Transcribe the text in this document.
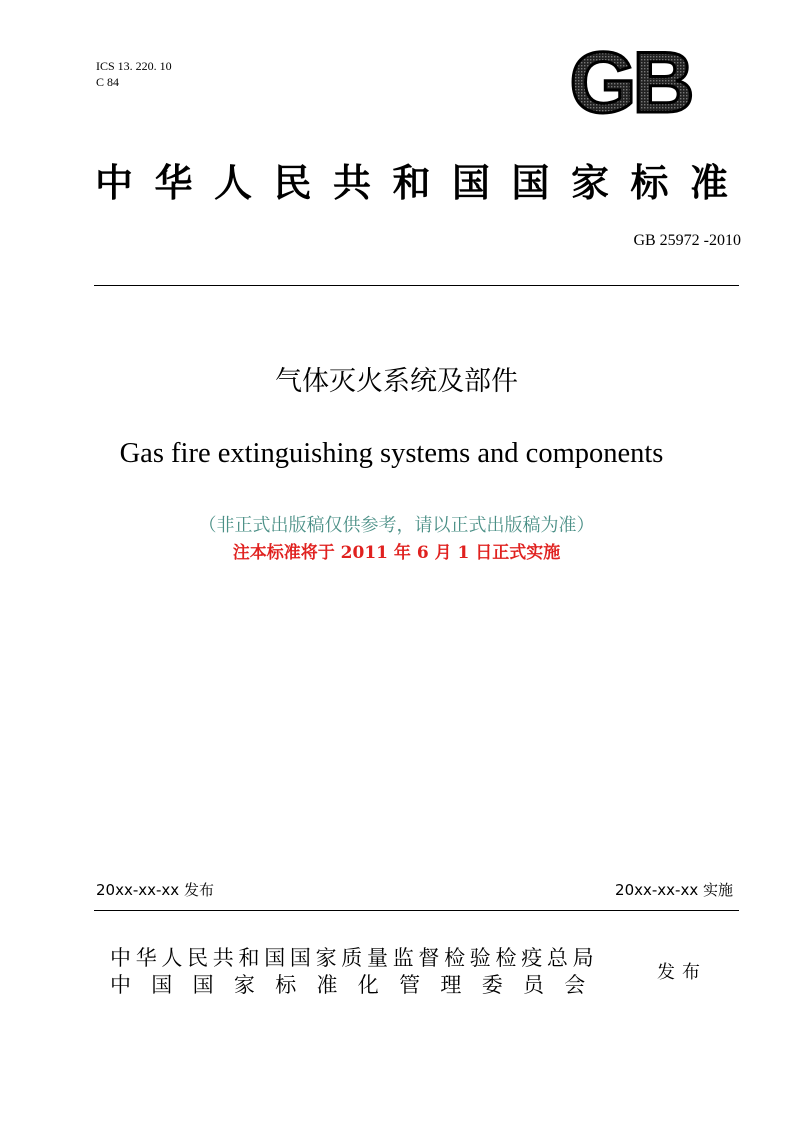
ICS 13. 220. 10
C 84	GB
中华人民共和国国家标准
GB 25972 -2010
气体灭火系统及部件
Gas fire extinguishing systems and components
（非正式出版稿仅供参考，请以正式出版稿为准）
注本标准将于 2011 年 6 月 1 日正式实施
20xx-xx-xx 发布	20xx-xx-xx 实施
中华人民共和国国家质量监督检验检疫总局
中国国家标准化管理委员会
发布
